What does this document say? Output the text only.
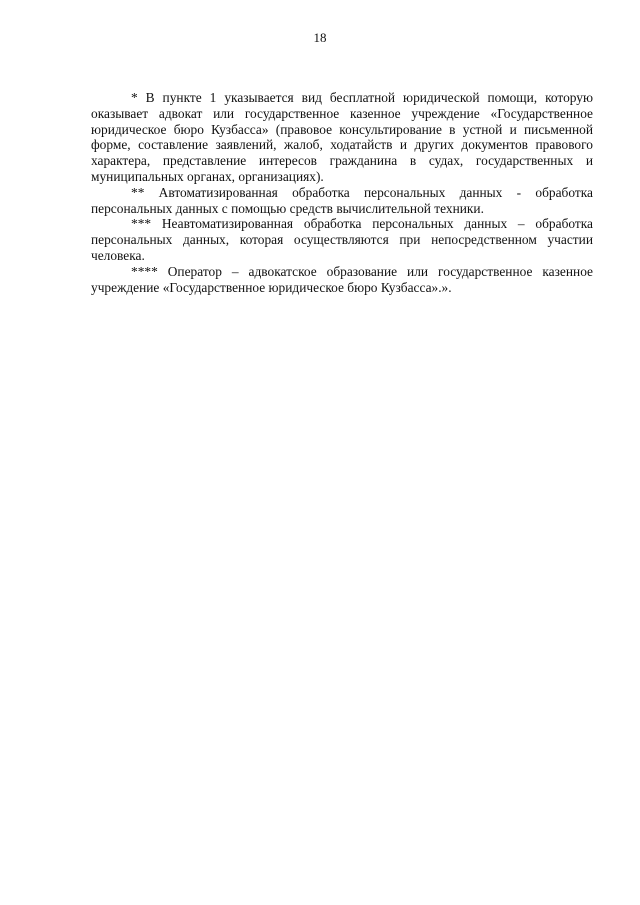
18

* В пункте 1 указывается вид бесплатной юридической помощи, которую оказывает адвокат или государственное казенное учреждение «Государственное юридическое бюро Кузбасса» (правовое консультирование в устной и письменной форме, составление заявлений, жалоб, ходатайств и других документов правового характера, представление интересов гражданина в судах, государственных и муниципальных органах, организациях).

** Автоматизированная обработка персональных данных - обработка персональных данных с помощью средств вычислительной техники.

*** Неавтоматизированная обработка персональных данных – обработка персональных данных, которая осуществляются при непосредственном участии человека.

**** Оператор – адвокатское образование или государственное казенное учреждение «Государственное юридическое бюро Кузбасса».».
